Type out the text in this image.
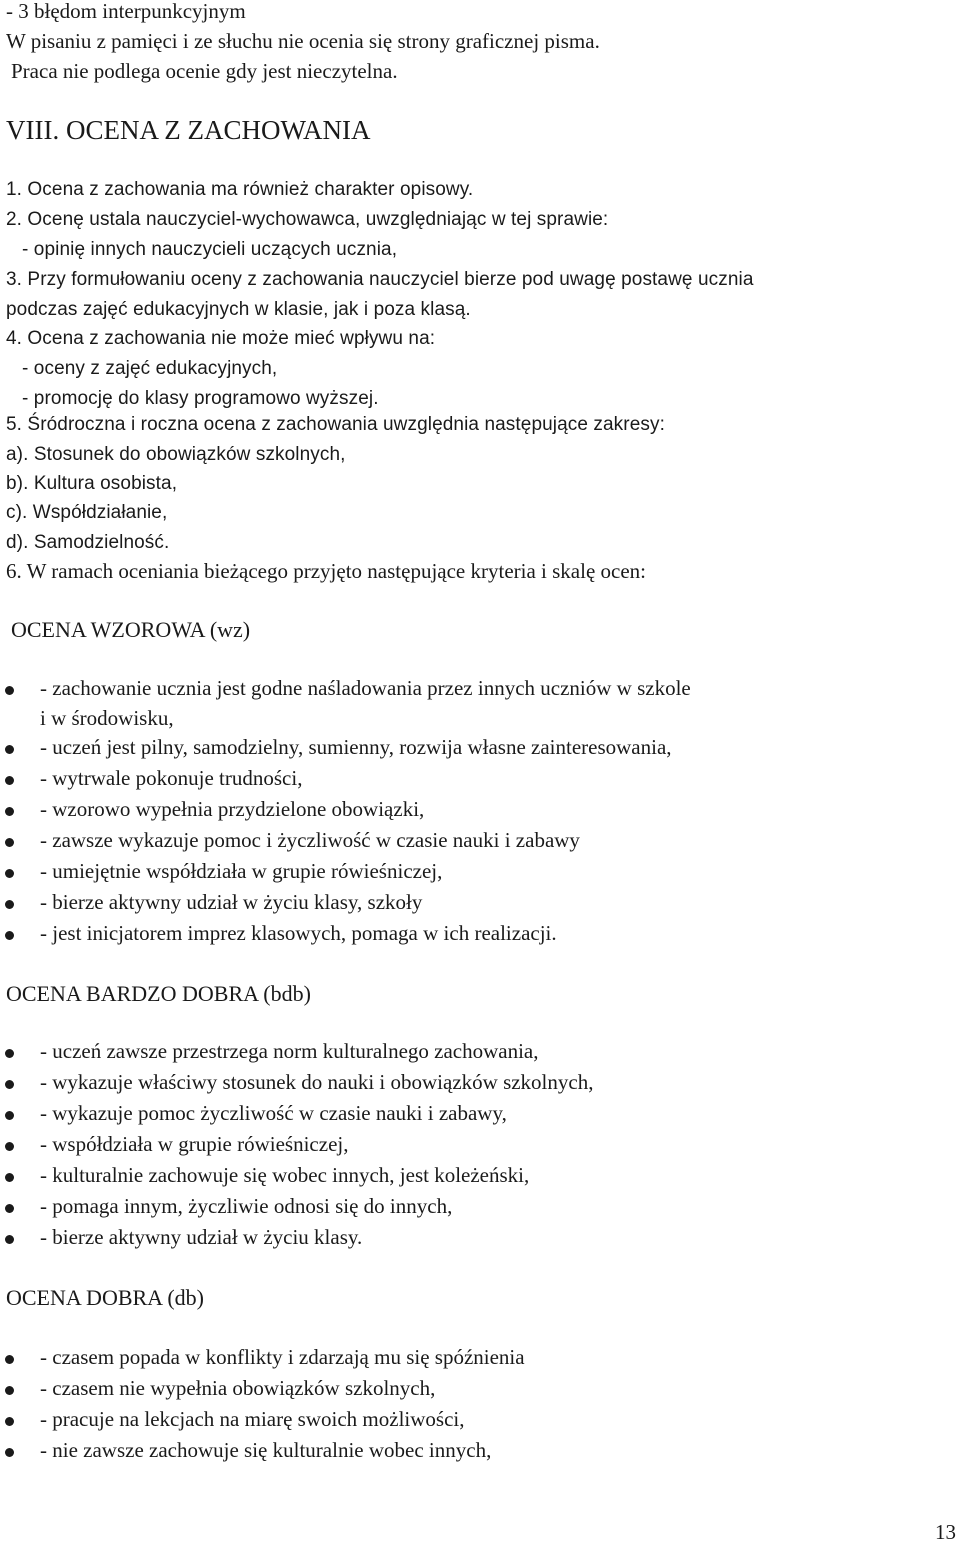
- 3 błędom interpunkcyjnym
W pisaniu z pamięci i ze słuchu nie ocenia się strony graficznej pisma.
Praca nie podlega ocenie gdy jest nieczytelna.
VIII. OCENA Z ZACHOWANIA
1. Ocena z zachowania ma również charakter opisowy.
2. Ocenę ustala nauczyciel-wychowawca, uwzględniając w tej sprawie:
- opinię innych nauczycieli uczących ucznia,
3. Przy formułowaniu oceny z zachowania nauczyciel bierze pod uwagę postawę ucznia
podczas zajęć edukacyjnych w klasie, jak i poza klasą.
4. Ocena z zachowania nie może mieć wpływu na:
- oceny z zajęć edukacyjnych,
- promocję do klasy programowo wyższej.
5. Śródroczna i roczna ocena z zachowania uwzględnia następujące zakresy:
a). Stosunek do obowiązków szkolnych,
b). Kultura osobista,
c). Współdziałanie,
d). Samodzielność.
6. W ramach oceniania bieżącego przyjęto następujące kryteria i skalę ocen:
OCENA WZOROWA (wz)
- zachowanie ucznia jest godne naśladowania przez innych uczniów w szkole
i w środowisku,
- uczeń jest pilny, samodzielny, sumienny, rozwija własne zainteresowania,
- wytrwale pokonuje trudności,
- wzorowo wypełnia przydzielone obowiązki,
- zawsze wykazuje pomoc i życzliwość w czasie nauki i zabawy
- umiejętnie współdziała w grupie rówieśniczej,
- bierze aktywny udział w życiu klasy, szkoły
- jest inicjatorem imprez klasowych, pomaga w ich realizacji.
OCENA BARDZO DOBRA (bdb)
- uczeń zawsze przestrzega norm kulturalnego zachowania,
- wykazuje właściwy stosunek do nauki i obowiązków szkolnych,
- wykazuje pomoc życzliwość w czasie nauki i zabawy,
- współdziała w grupie rówieśniczej,
- kulturalnie zachowuje się wobec innych, jest koleżeński,
- pomaga innym, życzliwie odnosi się do innych,
- bierze aktywny udział w życiu klasy.
OCENA DOBRA (db)
- czasem popada w konflikty i zdarzają mu się spóźnienia
- czasem nie wypełnia obowiązków szkolnych,
- pracuje na lekcjach na miarę swoich możliwości,
- nie zawsze zachowuje się kulturalnie wobec innych,
13
